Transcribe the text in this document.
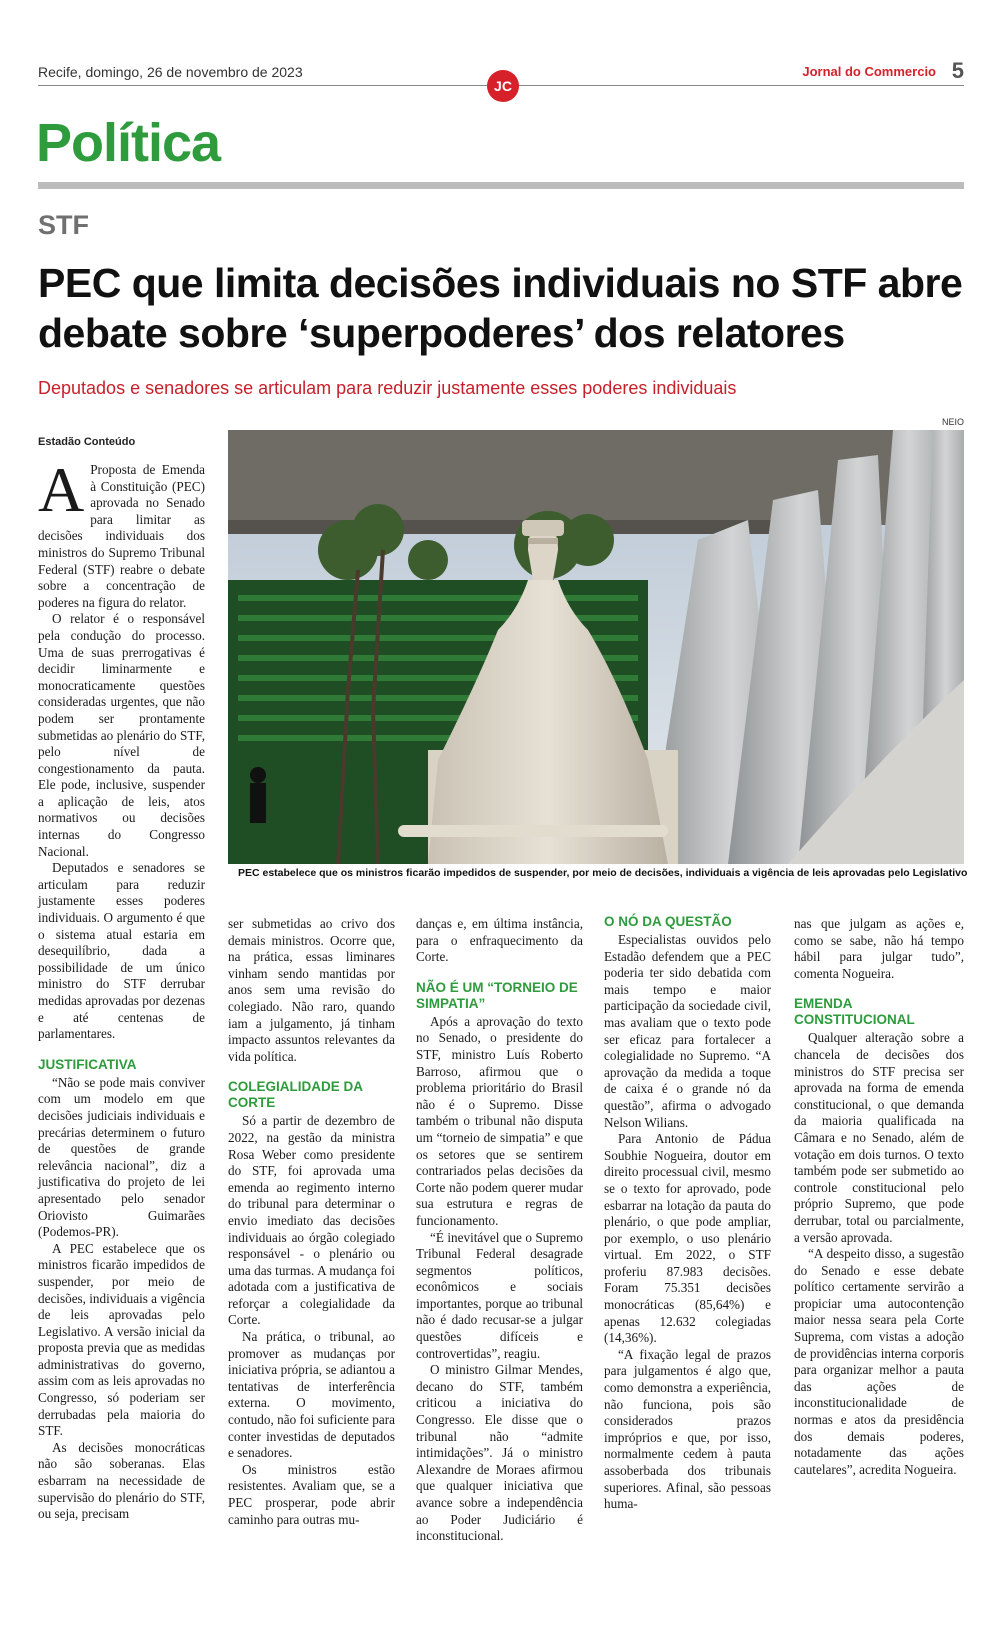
Recife, domingo, 26 de novembro de 2023
JC
Jornal do Commercio 5
Política
STF
PEC que limita decisões individuais no STF abre debate sobre ‘superpoderes’ dos relatores
Deputados e senadores se articulam para reduzir justamente esses poderes individuais
NEIO
PEC estabelece que os ministros ficarão impedidos de suspender, por meio de decisões, individuais a vigência de leis aprovadas pelo Legislativo
Estadão Conteúdo

A Proposta de Emenda à Constituição (PEC) aprovada no Senado para limitar as decisões individuais dos ministros do Supremo Tribunal Federal (STF) reabre o debate sobre a concentração de poderes na figura do relator.

O relator é o responsável pela condução do processo. Uma de suas prerrogativas é decidir liminarmente e monocraticamente questões consideradas urgentes, que não podem ser prontamente submetidas ao plenário do STF, pelo nível de congestionamento da pauta. Ele pode, inclusive, suspender a aplicação de leis, atos normativos ou decisões internas do Congresso Nacional.

Deputados e senadores se articulam para reduzir justamente esses poderes individuais. O argumento é que o sistema atual estaria em desequilíbrio, dada a possibilidade de um único ministro do STF derrubar medidas aprovadas por dezenas e até centenas de parlamentares.

JUSTIFICATIVA

“Não se pode mais conviver com um modelo em que decisões judiciais individuais e precárias determinem o futuro de questões de grande relevância nacional”, diz a justificativa do projeto de lei apresentado pelo senador Oriovisto Guimarães (Podemos-PR).

A PEC estabelece que os ministros ficarão impedidos de suspender, por meio de decisões, individuais a vigência de leis aprovadas pelo Legislativo. A versão inicial da proposta previa que as medidas administrativas do governo, assim com as leis aprovadas no Congresso, só poderiam ser derrubadas pela maioria do STF.

As decisões monocráticas não são soberanas. Elas esbarram na necessidade de supervisão do plenário do STF, ou seja, precisam

ser submetidas ao crivo dos demais ministros. Ocorre que, na prática, essas liminares vinham sendo mantidas por anos sem uma revisão do colegiado. Não raro, quando iam a julgamento, já tinham impacto assuntos relevantes da vida política.

COLEGIALIDADE DA CORTE

Só a partir de dezembro de 2022, na gestão da ministra Rosa Weber como presidente do STF, foi aprovada uma emenda ao regimento interno do tribunal para determinar o envio imediato das decisões individuais ao órgão colegiado responsável - o plenário ou uma das turmas. A mudança foi adotada com a justificativa de reforçar a colegialidade da Corte.

Na prática, o tribunal, ao promover as mudanças por iniciativa própria, se adiantou a tentativas de interferência externa. O movimento, contudo, não foi suficiente para conter investidas de deputados e senadores.

Os ministros estão resistentes. Avaliam que, se a PEC prosperar, pode abrir caminho para outras mu-

danças e, em última instância, para o enfraquecimento da Corte.

NÃO É UM “TORNEIO DE SIMPATIA”

Após a aprovação do texto no Senado, o presidente do STF, ministro Luís Roberto Barroso, afirmou que o problema prioritário do Brasil não é o Supremo. Disse também o tribunal não disputa um “torneio de simpatia” e que os setores que se sentirem contrariados pelas decisões da Corte não podem querer mudar sua estrutura e regras de funcionamento.

“É inevitável que o Supremo Tribunal Federal desagrade segmentos políticos, econômicos e sociais importantes, porque ao tribunal não é dado recusar-se a julgar questões difíceis e controvertidas”, reagiu.

O ministro Gilmar Mendes, decano do STF, também criticou a iniciativa do Congresso. Ele disse que o tribunal não “admite intimidações”. Já o ministro Alexandre de Moraes afirmou que qualquer iniciativa que avance sobre a independência ao Poder Judiciário é inconstitucional.

O NÓ DA QUESTÃO

Especialistas ouvidos pelo Estadão defendem que a PEC poderia ter sido debatida com mais tempo e maior participação da sociedade civil, mas avaliam que o texto pode ser eficaz para fortalecer a colegialidade no Supremo. “A aprovação da medida a toque de caixa é o grande nó da questão”, afirma o advogado Nelson Wilians.

Para Antonio de Pádua Soubhie Nogueira, doutor em direito processual civil, mesmo se o texto for aprovado, pode esbarrar na lotação da pauta do plenário, o que pode ampliar, por exemplo, o uso plenário virtual. Em 2022, o STF proferiu 87.983 decisões. Foram 75.351 decisões monocráticas (85,64%) e apenas 12.632 colegiadas (14,36%).

“A fixação legal de prazos para julgamentos é algo que, como demonstra a experiência, não funciona, pois são considerados prazos impróprios e que, por isso, normalmente cedem à pauta assoberbada dos tribunais superiores. Afinal, são pessoas huma-

nas que julgam as ações e, como se sabe, não há tempo hábil para julgar tudo”, comenta Nogueira.

EMENDA CONSTITUCIONAL

Qualquer alteração sobre a chancela de decisões dos ministros do STF precisa ser aprovada na forma de emenda constitucional, o que demanda da maioria qualificada na Câmara e no Senado, além de votação em dois turnos. O texto também pode ser submetido ao controle constitucional pelo próprio Supremo, que pode derrubar, total ou parcialmente, a versão aprovada.

“A despeito disso, a sugestão do Senado e esse debate político certamente servirão a propiciar uma autocontenção maior nessa seara pela Corte Suprema, com vistas a adoção de providências interna corporis para organizar melhor a pauta das ações de inconstitucionalidade de normas e atos da presidência dos demais poderes, notadamente das ações cautelares”, acredita Nogueira.
